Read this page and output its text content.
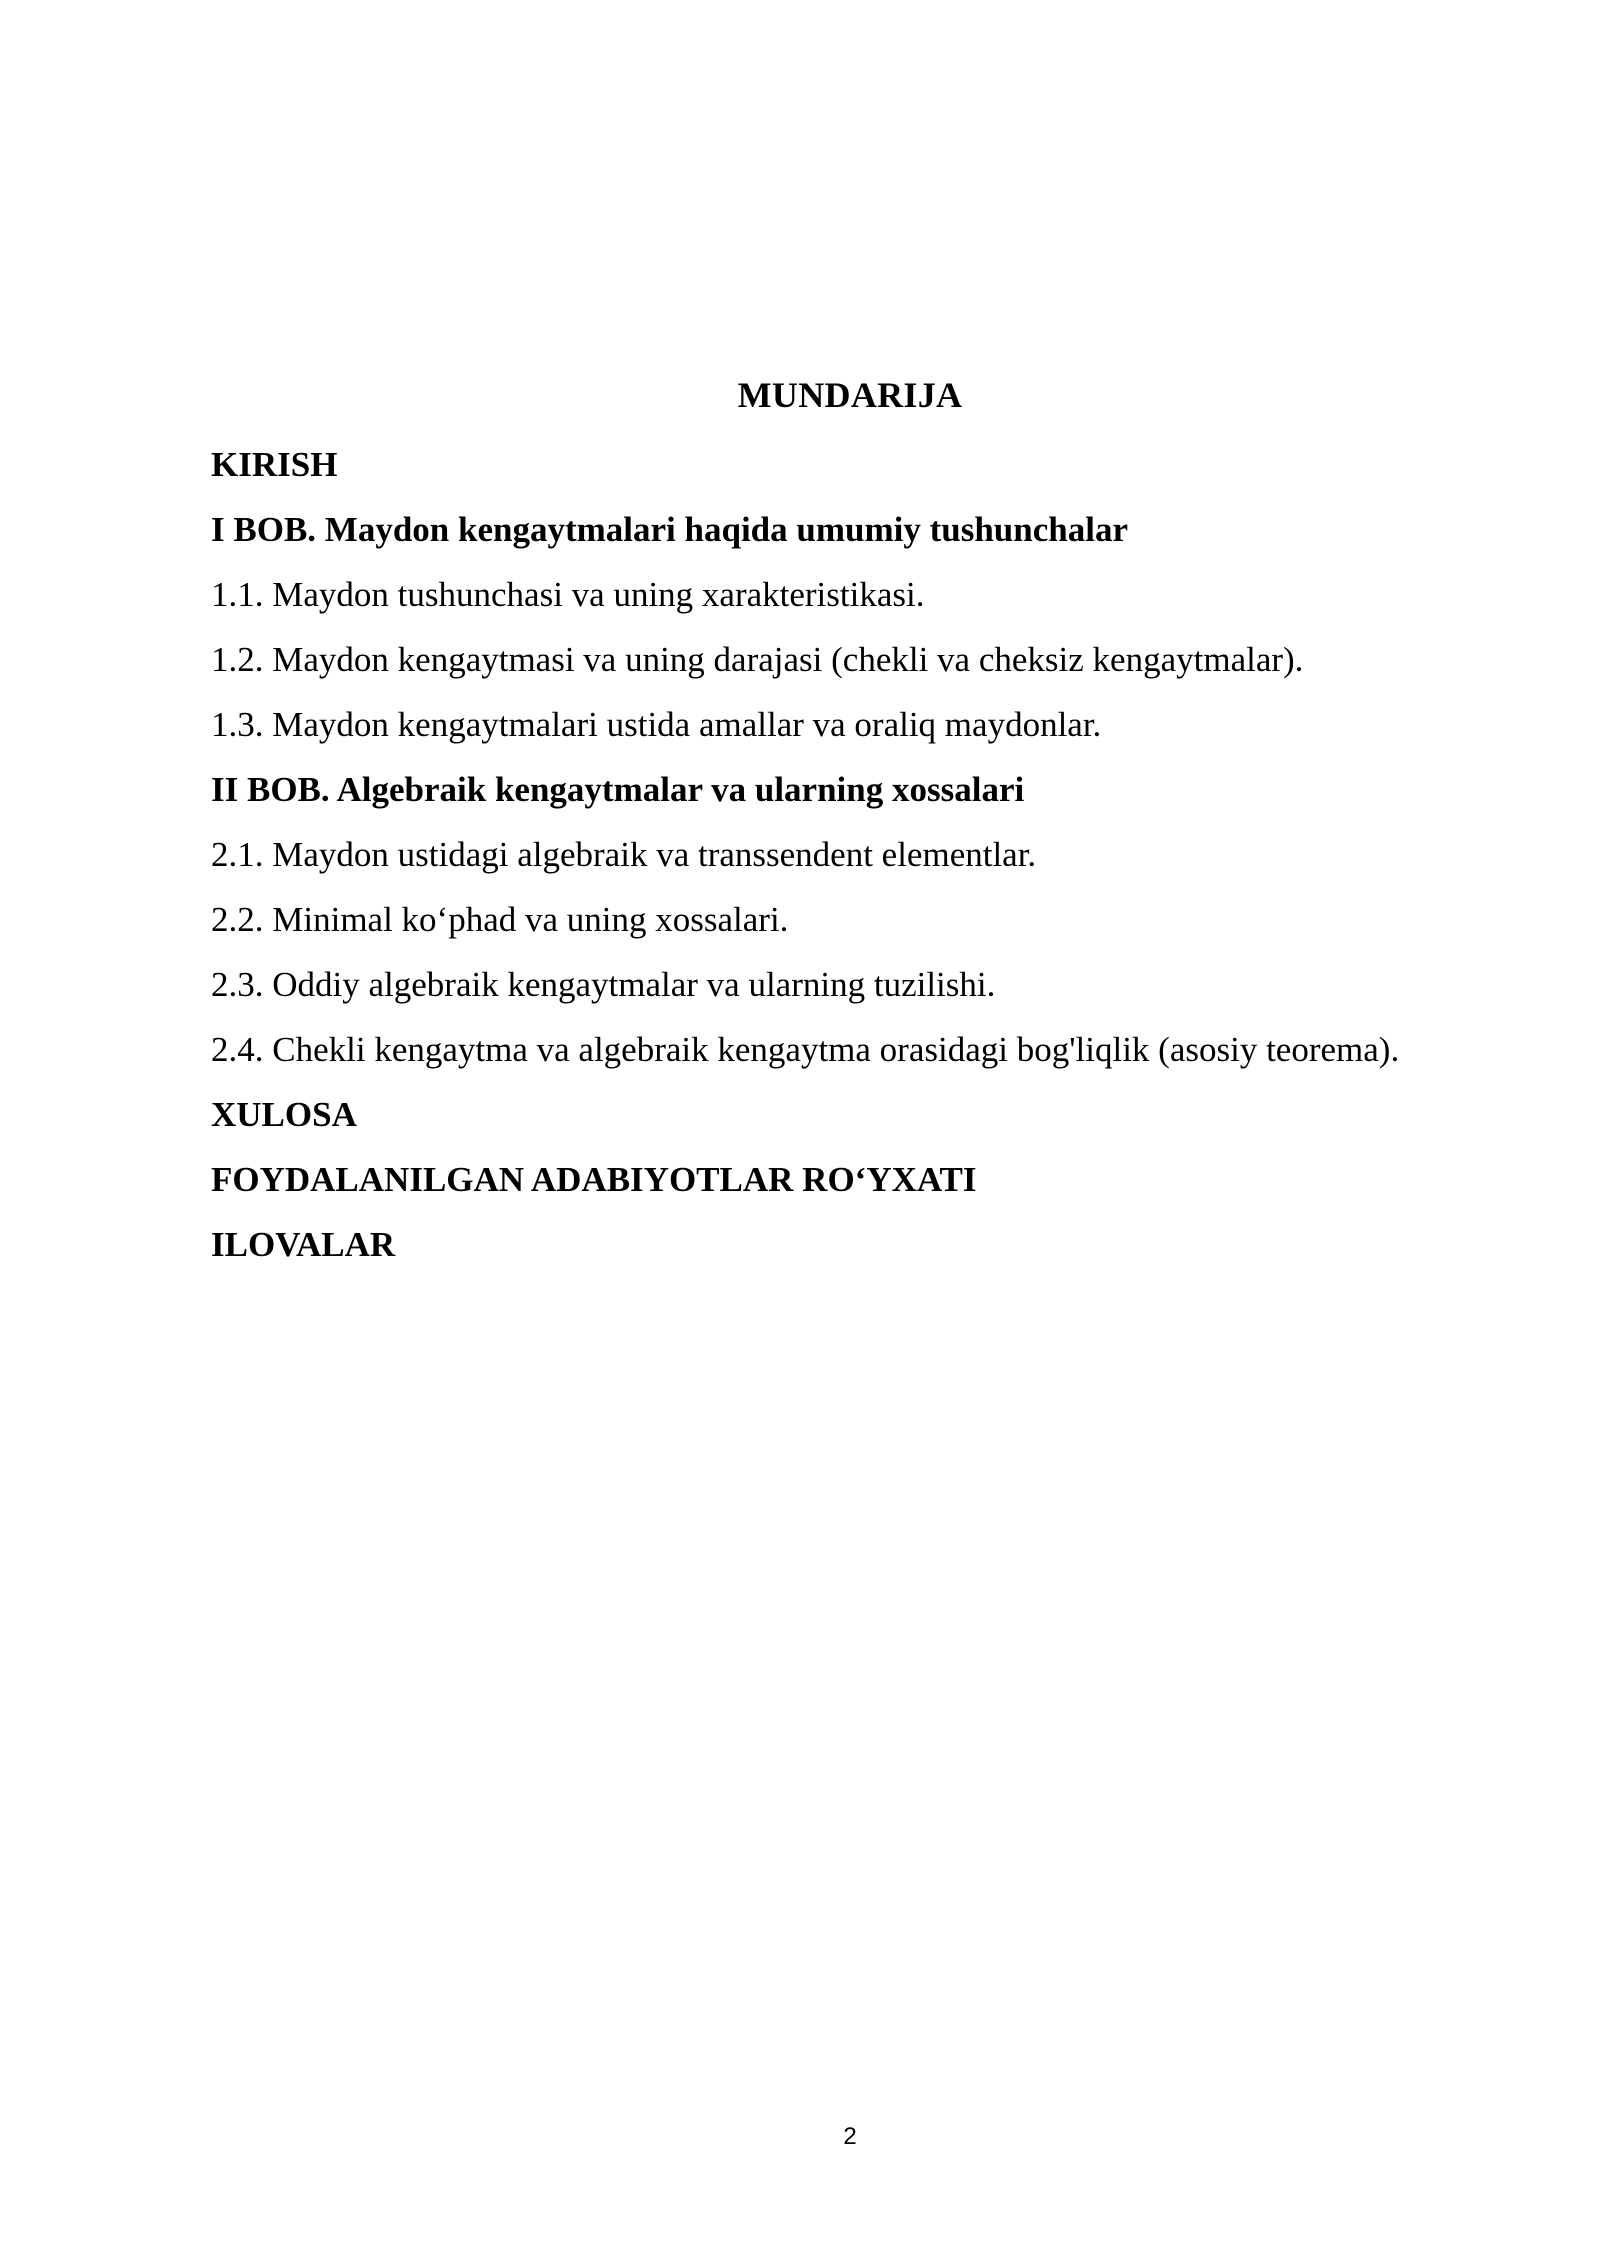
MUNDARIJA

KIRISH

I BOB. Maydon kengaytmalari haqida umumiy tushunchalar

1.1. Maydon tushunchasi va uning xarakteristikasi.

1.2. Maydon kengaytmasi va uning darajasi (chekli va cheksiz kengaytmalar).

1.3. Maydon kengaytmalari ustida amallar va oraliq maydonlar.

II BOB. Algebraik kengaytmalar va ularning xossalari

2.1. Maydon ustidagi algebraik va transsendent elementlar.

2.2. Minimal ko‘phad va uning xossalari.

2.3. Oddiy algebraik kengaytmalar va ularning tuzilishi.

2.4. Chekli kengaytma va algebraik kengaytma orasidagi bog'liqlik (asosiy teorema).

XULOSA

FOYDALANILGAN ADABIYOTLAR RO‘YXATI

ILOVALAR

2
